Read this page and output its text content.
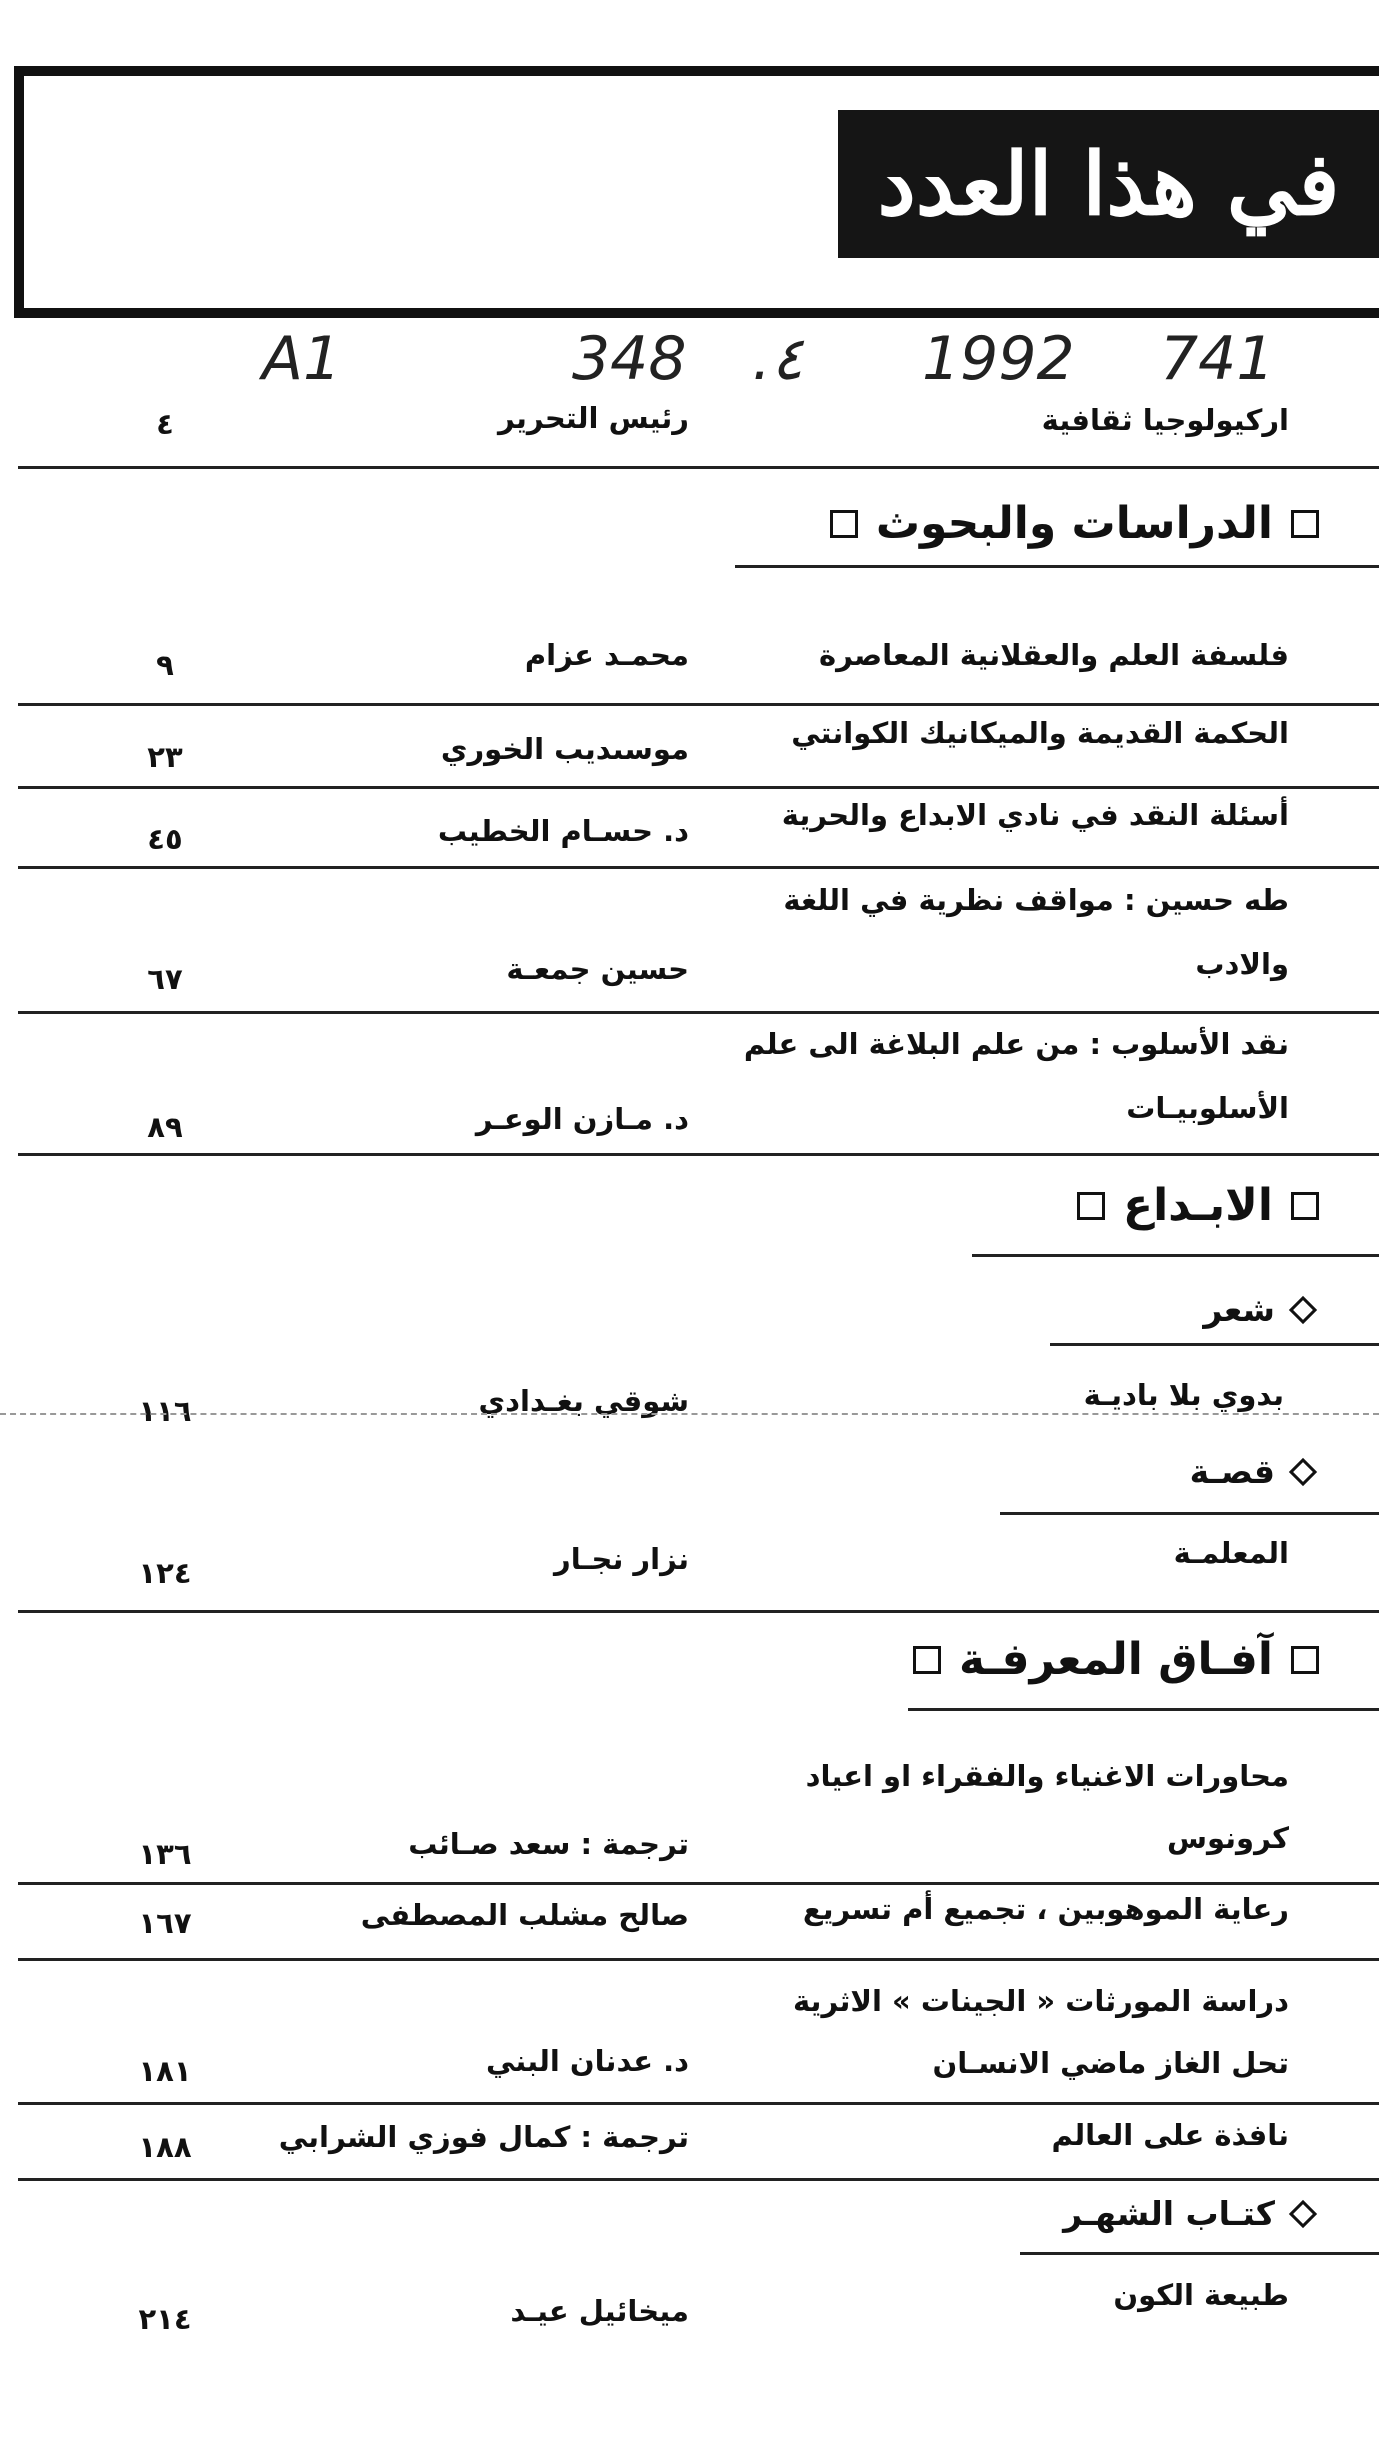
في هذا العدد
A1	348 .٤ 1992 741
اركيولوجيا ثقافية
رئيس التحرير
٤
الدراسات والبحوث
فلسفة العلم والعقلانية المعاصرة
محمـد عزام
٩
الحكمة القديمة والميكانيك الكوانتي
موسىديب الخوري
٢٣
أسئلة النقد في نادي الابداع والحرية
د. حسـام الخطيب
٤٥
طه حسين : مواقف نظرية في اللغة والادب
حسين جمعـة
٦٧
نقد الأسلوب : من علم البلاغة الى علم الأسلوبيـات
د. مـازن الوعـر
٨٩
الابـداع
شعر
بدوي بلا باديـة
شوقي بغـدادي
١١٦
قصـة
المعلمـة
نزار نجـار
١٢٤
آفـاق المعرفـة
محاورات الاغنياء والفقراء او اعياد كرونوس
ترجمة : سعد صـائب
١٣٦
رعاية الموهوبين ، تجميع أم تسريع
صالح مشلب المصطفى
١٦٧
دراسة المورثات « الجينات » الاثرية تحل الغاز ماضي الانسـان
د. عدنان البني
١٨١
نافذة على العالم
ترجمة : كمال فوزي الشرابي
١٨٨
كتـاب الشهـر
طبيعة الكون
ميخائيل عيـد
٢١٤
